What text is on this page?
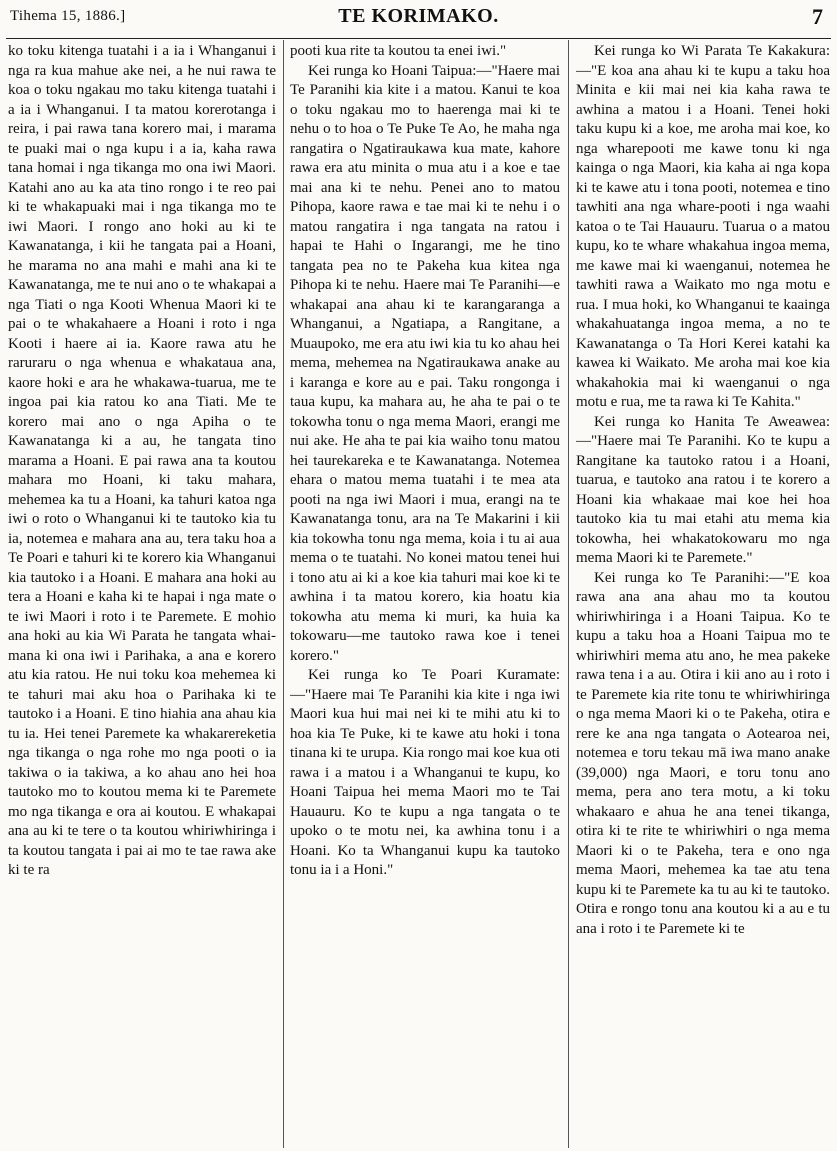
Tihema 15, 1886.]	TE KORIMAKO.	7

ko toku kitenga tuatahi i a ia i Whanganui i nga ra kua mahue ake nei, a he nui rawa te koa o toku ngakau mo taku kitenga tuatahi i a ia i Whanganui. I ta matou korerotanga i reira, i pai rawa tana korero mai, i marama te puaki mai o nga kupu i a ia, kaha rawa tana homai i nga tikanga mo ona iwi Maori. Katahi ano au ka ata tino rongo i te reo pai ki te whakapuaki mai i nga tikanga mo te iwi Maori. I rongo ano hoki au ki te Kawanatanga, i kii he tangata pai a Hoani, he marama no ana mahi e mahi ana ki te Kawanatanga, me te nui ano o te whakapai a nga Tiati o nga Kooti Whenua Maori ki te pai o te whakahaere a Hoani i roto i nga Kooti i haere ai ia. Kaore rawa atu he raruraru o nga whenua e whakataua ana, kaore hoki e ara he whakawa-tuarua, me te ingoa pai kia ratou ko ana Tiati. Me te korero mai ano o nga Apiha o te Kawanatanga ki a au, he tangata tino marama a Hoani. E pai rawa ana ta koutou mahara mo Hoani, ki taku mahara, mehemea ka tu a Hoani, ka tahuri katoa nga iwi o roto o Whanganui ki te tautoko kia tu ia, notemea e mahara ana au, tera taku hoa a Te Poari e tahuri ki te korero kia Whanganui kia tautoko i a Hoani. E mahara ana hoki au tera a Hoani e kaha ki te hapai i nga mate o te iwi Maori i roto i te Paremete. E mohio ana hoki au kia Wi Parata he tangata whai-mana ki ona iwi i Parihaka, a ana e korero atu kia ratou. He nui toku koa mehemea ki te tahuri mai aku hoa o Parihaka ki te tautoko i a Hoani. E tino hiahia ana ahau kia tu ia. Hei tenei Paremete ka whakarereketia nga tikanga o nga rohe mo nga pooti o ia takiwa o ia takiwa, a ko ahau ano hei hoa tautoko mo to koutou mema ki te Paremete mo nga tikanga e ora ai koutou. E whakapai ana au ki te tere o ta koutou whiriwhiringa i ta koutou tangata i pai ai mo te tae rawa ake ki te ra

pooti kua rite ta koutou ta enei iwi."

Kei runga ko Hoani Taipua:—"Haere mai Te Paranihi kia kite i a matou. Kanui te koa o toku ngakau mo to haerenga mai ki te nehu o to hoa o Te Puke Te Ao, he maha nga rangatira o Ngatiraukawa kua mate, kahore rawa era atu minita o mua atu i a koe e tae mai ana ki te nehu. Penei ano to matou Pihopa, kaore rawa e tae mai ki te nehu i o matou rangatira i nga tangata na ratou i hapai te Hahi o Ingarangi, me he tino tangata pea no te Pakeha kua kitea nga Pihopa ki te nehu. Haere mai Te Paranihi—e whakapai ana ahau ki te karangaranga a Whanganui, a Ngatiapa, a Rangitane, a Muaupoko, me era atu iwi kia tu ko ahau hei mema, mehemea na Ngatiraukawa anake au i karanga e kore au e pai. Taku rongonga i taua kupu, ka mahara au, he aha te pai o te tokowha tonu o nga mema Maori, erangi me nui ake. He aha te pai kia waiho tonu matou hei taurekareka e te Kawanatanga. Notemea ehara o matou mema tuatahi i te mea ata pooti na nga iwi Maori i mua, erangi na te Kawanatanga tonu, ara na Te Makarini i kii kia tokowha tonu nga mema, koia i tu ai aua mema o te tuatahi. No konei matou tenei hui i tono atu ai ki a koe kia tahuri mai koe ki te awhina i ta matou korero, kia hoatu kia tokowha atu mema ki muri, ka huia ka tokowaru—me tautoko rawa koe i tenei korero."

Kei runga ko Te Poari Kuramate:—"Haere mai Te Paranihi kia kite i nga iwi Maori kua hui mai nei ki te mihi atu ki to hoa kia Te Puke, ki te kawe atu hoki i tona tinana ki te urupa. Kia rongo mai koe kua oti rawa i a matou i a Whanganui te kupu, ko Hoani Taipua hei mema Maori mo te Tai Hauauru. Ko te kupu a nga tangata o te upoko o te motu nei, ka awhina tonu i a Hoani. Ko ta Whanganui kupu ka tautoko tonu ia i a Honi."

Kei runga ko Wi Parata Te Kakakura:—"E koa ana ahau ki te kupu a taku hoa Minita e kii mai nei kia kaha rawa te awhina a matou i a Hoani. Tenei hoki taku kupu ki a koe, me aroha mai koe, ko nga wharepooti me kawe tonu ki nga kainga o nga Maori, kia kaha ai nga kopa ki te kawe atu i tona pooti, notemea e tino tawhiti ana nga whare-pooti i nga waahi katoa o te Tai Hauauru. Tuarua o a matou kupu, ko te whare whakahua ingoa mema, me kawe mai ki waenganui, notemea he tawhiti rawa a Waikato mo nga motu e rua. I mua hoki, ko Whanganui te kaainga whakahuatanga ingoa mema, a no te Kawanatanga o Ta Hori Kerei katahi ka kawea ki Waikato. Me aroha mai koe kia whakahokia mai ki waenganui o nga motu e rua, me ta rawa ki Te Kahita."

Kei runga ko Hanita Te Aweawea:—"Haere mai Te Paranihi. Ko te kupu a Rangitane ka tautoko ratou i a Hoani, tuarua, e tautoko ana ratou i te korero a Hoani kia whakaae mai koe hei hoa tautoko kia tu mai etahi atu mema kia tokowha, hei whakatokowaru mo nga mema Maori ki te Paremete."

Kei runga ko Te Paranihi:—"E koa rawa ana ana ahau mo ta koutou whiriwhiringa i a Hoani Taipua. Ko te kupu a taku hoa a Hoani Taipua mo te whiriwhiri mema atu ano, he mea pakeke rawa tena i a au. Otira i kii ano au i roto i te Paremete kia rite tonu te whiriwhiringa o nga mema Maori ki o te Pakeha, otira e rere ke ana nga tangata o Aotearoa nei, notemea e toru tekau mā iwa mano anake (39,000) nga Maori, e toru tonu ano mema, pera ano tera motu, a ki toku whakaaro e ahua he ana tenei tikanga, otira ki te rite te whiriwhiri o nga mema Maori ki o te Pakeha, tera e ono nga mema Maori, mehemea ka tae atu tena kupu ki te Paremete ka tu au ki te tautoko. Otira e rongo tonu ana koutou ki a au e tu ana i roto i te Paremete ki te
